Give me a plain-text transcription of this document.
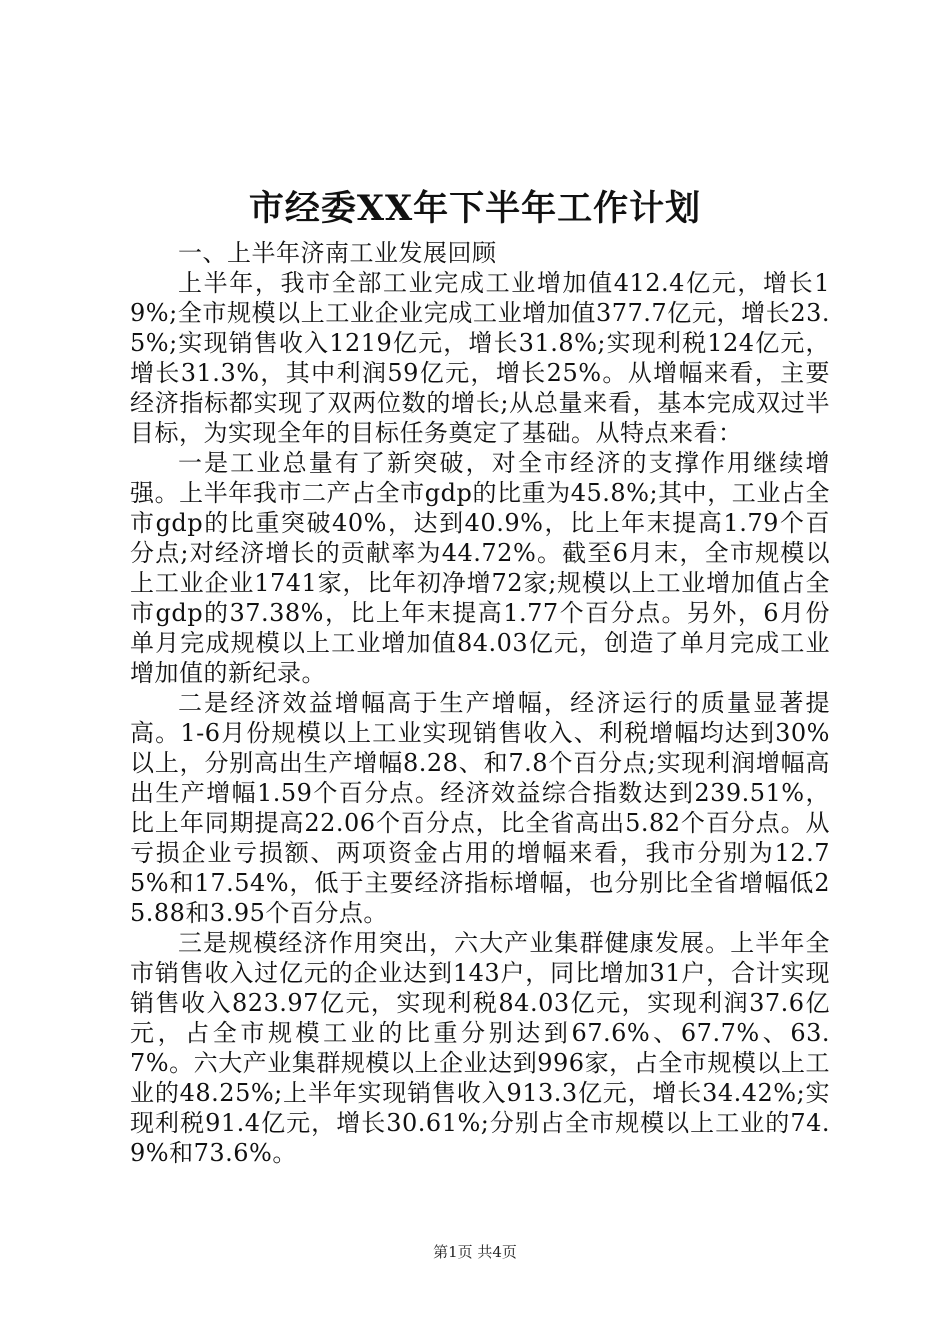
市经委XX年下半年工作计划

一、上半年济南工业发展回顾

上半年，我市全部工业完成工业增加值412.4亿元，增长19%;全市规模以上工业企业完成工业增加值377.7亿元，增长23.5%;实现销售收入1219亿元，增长31.8%;实现利税124亿元，增长31.3%，其中利润59亿元，增长25%。从增幅来看，主要经济指标都实现了双两位数的增长;从总量来看，基本完成双过半目标，为实现全年的目标任务奠定了基础。从特点来看：

一是工业总量有了新突破，对全市经济的支撑作用继续增强。上半年我市二产占全市gdp的比重为45.8%;其中，工业占全市gdp的比重突破40%，达到40.9%，比上年末提高1.79个百分点;对经济增长的贡献率为44.72%。截至6月末，全市规模以上工业企业1741家，比年初净增72家;规模以上工业增加值占全市gdp的37.38%，比上年末提高1.77个百分点。另外，6月份单月完成规模以上工业增加值84.03亿元，创造了单月完成工业增加值的新纪录。

二是经济效益增幅高于生产增幅，经济运行的质量显著提高。1-6月份规模以上工业实现销售收入、利税增幅均达到30%以上，分别高出生产增幅8.28、和7.8个百分点;实现利润增幅高出生产增幅1.59个百分点。经济效益综合指数达到239.51%，比上年同期提高22.06个百分点，比全省高出5.82个百分点。从亏损企业亏损额、两项资金占用的增幅来看，我市分别为12.75%和17.54%，低于主要经济指标增幅，也分别比全省增幅低25.88和3.95个百分点。

三是规模经济作用突出，六大产业集群健康发展。上半年全市销售收入过亿元的企业达到143户，同比增加31户，合计实现销售收入823.97亿元，实现利税84.03亿元，实现利润37.6亿元，占全市规模工业的比重分别达到67.6%、67.7%、63.7%。六大产业集群规模以上企业达到996家，占全市规模以上工业的48.25%;上半年实现销售收入913.3亿元，增长34.42%;实现利税91.4亿元，增长30.61%;分别占全市规模以上工业的74.9%和73.6%。

第1页 共4页
